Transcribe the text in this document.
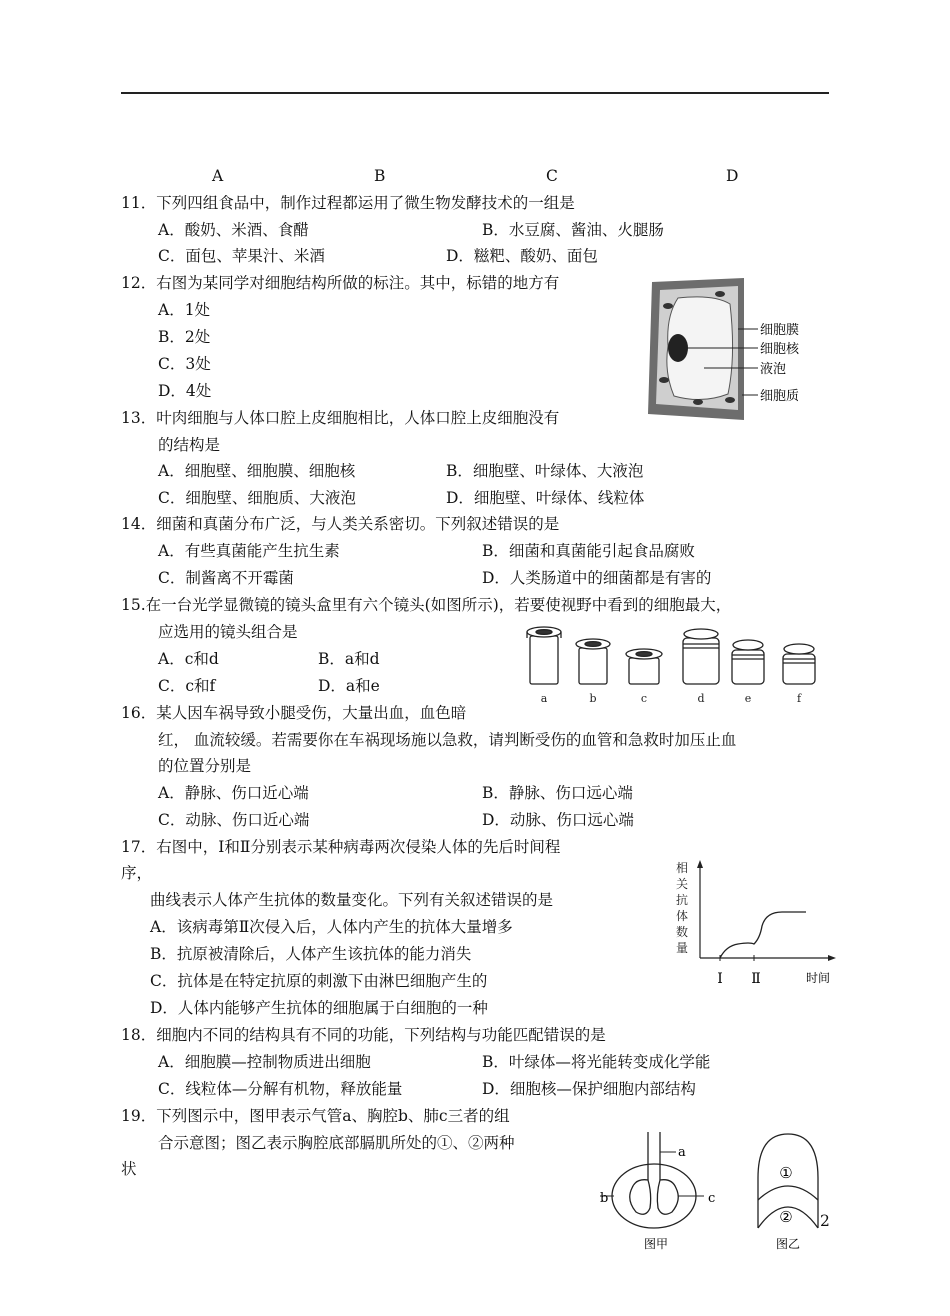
A	B	C	D
11．下列四组食品中，制作过程都运用了微生物发酵技术的一组是
A．酸奶、米酒、食醋	B．水豆腐、酱油、火腿肠
C．面包、苹果汁、米酒	D．糍粑、酸奶、面包
12．右图为某同学对细胞结构所做的标注。其中，标错的地方有
A．1处
B．2处
C．3处
D．4处
细胞膜
细胞核
液泡
细胞质
13．叶肉细胞与人体口腔上皮细胞相比，人体口腔上皮细胞没有
的结构是
A．细胞壁、细胞膜、细胞核	B．细胞壁、叶绿体、大液泡
C．细胞壁、细胞质、大液泡	D．细胞壁、叶绿体、线粒体
14．细菌和真菌分布广泛，与人类关系密切。下列叙述错误的是
A．有些真菌能产生抗生素	B．细菌和真菌能引起食品腐败
C．制酱离不开霉菌	D．人类肠道中的细菌都是有害的
15.在一台光学显微镜的镜头盒里有六个镜头(如图所示)，若要使视野中看到的细胞最大，
应选用的镜头组合是
A．c和d	B．a和d
C．c和f	D．a和e
a	b	c	d	e	f
16．某人因车祸导致小腿受伤，大量出血，血色暗
红， 血流较缓。若需要你在车祸现场施以急救，请判断受伤的血管和急救时加压止血
的位置分别是
A．静脉、伤口近心端	B．静脉、伤口远心端
C．动脉、伤口近心端	D．动脉、伤口远心端
17．右图中，Ⅰ和Ⅱ分别表示某种病毒两次侵染人体的先后时间程
序，
曲线表示人体产生抗体的数量变化。下列有关叙述错误的是
A．该病毒第Ⅱ次侵入后，人体内产生的抗体大量增多
B．抗原被清除后，人体产生该抗体的能力消失
C．抗体是在特定抗原的刺激下由淋巴细胞产生的
D．人体内能够产生抗体的细胞属于白细胞的一种
相
关
抗
体
数
量
Ⅰ Ⅱ	时间
18．细胞内不同的结构具有不同的功能，下列结构与功能匹配错误的是
A．细胞膜—控制物质进出细胞	B．叶绿体—将光能转变成化学能
C．线粒体—分解有机物，释放能量	D．细胞核—保护细胞内部结构
19．下列图示中，图甲表示气管a、胸腔b、肺c三者的组
合示意图；图乙表示胸腔底部膈肌所处的①、②两种
状
a
b	c
图甲
①
②
图乙
2
